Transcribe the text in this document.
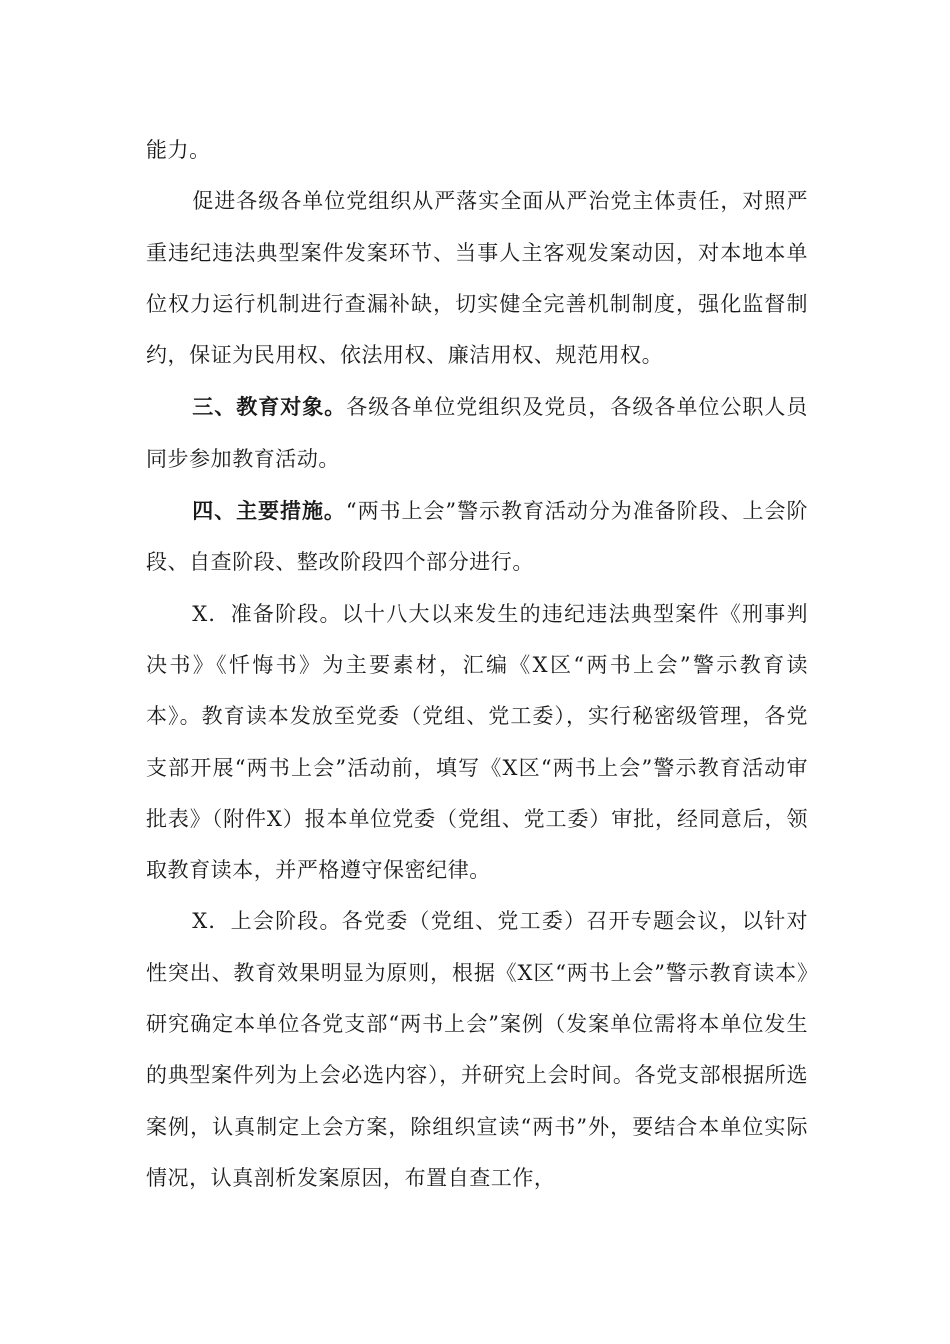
能力。

促进各级各单位党组织从严落实全面从严治党主体责任，对照严重违纪违法典型案件发案环节、当事人主客观发案动因，对本地本单位权力运行机制进行查漏补缺，切实健全完善机制制度，强化监督制约，保证为民用权、依法用权、廉洁用权、规范用权。

三、教育对象。各级各单位党组织及党员，各级各单位公职人员同步参加教育活动。

四、主要措施。“两书上会”警示教育活动分为准备阶段、上会阶段、自查阶段、整改阶段四个部分进行。

X．准备阶段。以十八大以来发生的违纪违法典型案件《刑事判决书》《忏悔书》为主要素材，汇编《X区“两书上会”警示教育读本》。教育读本发放至党委（党组、党工委），实行秘密级管理，各党支部开展“两书上会”活动前，填写《X区“两书上会”警示教育活动审批表》（附件X）报本单位党委（党组、党工委）审批，经同意后，领取教育读本，并严格遵守保密纪律。

X．上会阶段。各党委（党组、党工委）召开专题会议，以针对性突出、教育效果明显为原则，根据《X区“两书上会”警示教育读本》研究确定本单位各党支部“两书上会”案例（发案单位需将本单位发生的典型案件列为上会必选内容），并研究上会时间。各党支部根据所选案例，认真制定上会方案，除组织宣读“两书”外，要结合本单位实际情况，认真剖析发案原因，布置自查工作，
